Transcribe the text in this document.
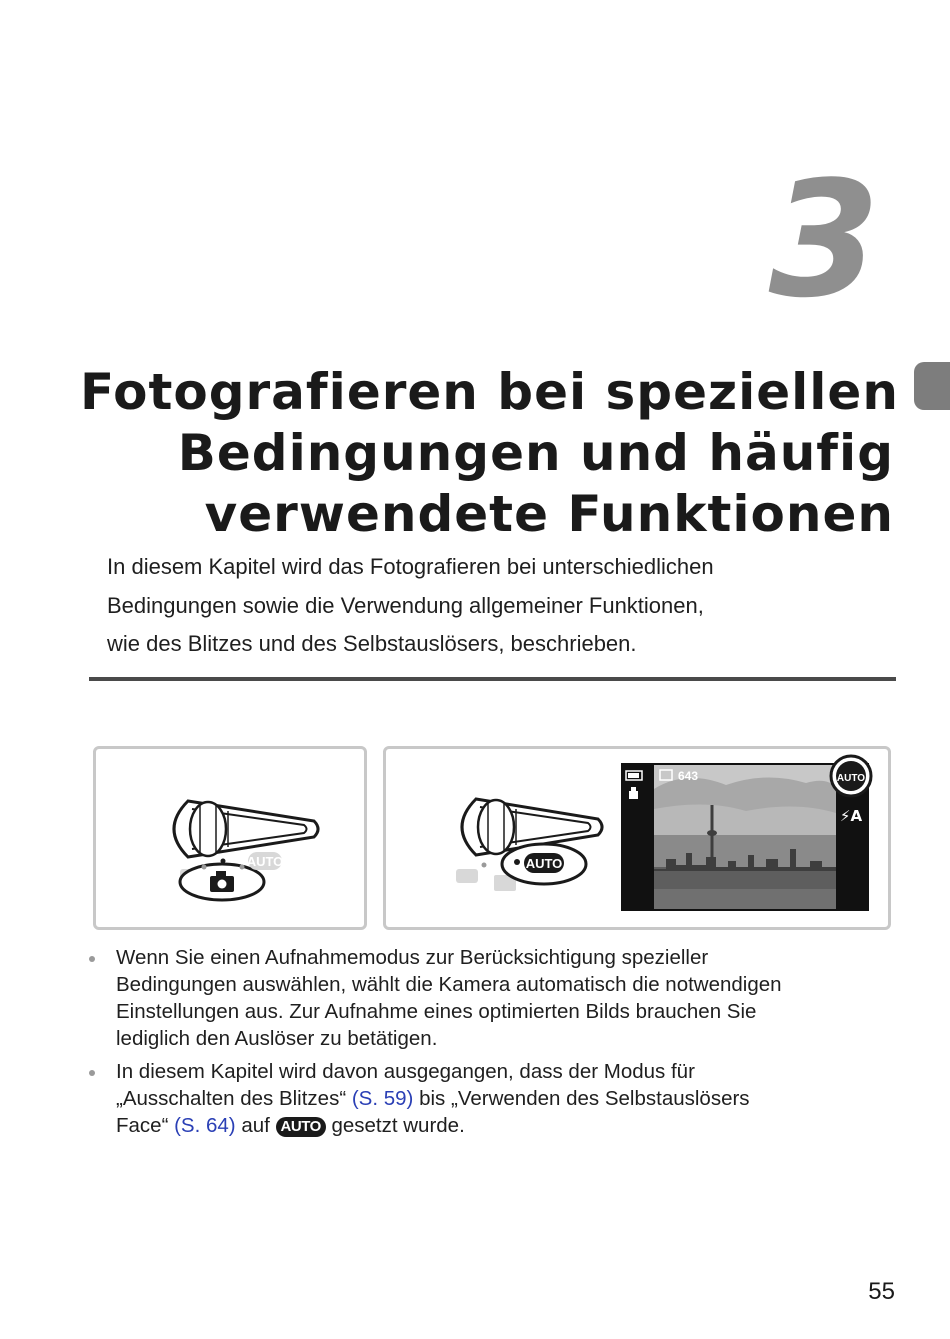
3
Fotografieren bei speziellen
Bedingungen und häufig
verwendete Funktionen
In diesem Kapitel wird das Fotografieren bei unterschiedlichen
Bedingungen sowie die Verwendung allgemeiner Funktionen,
wie des Blitzes und des Selbstauslösers, beschrieben.
AUTO	AUTO
643	AUTO
⚡A
Wenn Sie einen Aufnahmemodus zur Berücksichtigung spezieller
Bedingungen auswählen, wählt die Kamera automatisch die notwendigen
Einstellungen aus. Zur Aufnahme eines optimierten Bilds brauchen Sie
lediglich den Auslöser zu betätigen.
In diesem Kapitel wird davon ausgegangen, dass der Modus für
„Ausschalten des Blitzes“ (S. 59) bis „Verwenden des Selbstauslösers
Face“ (S. 64) auf AUTO gesetzt wurde.
55
